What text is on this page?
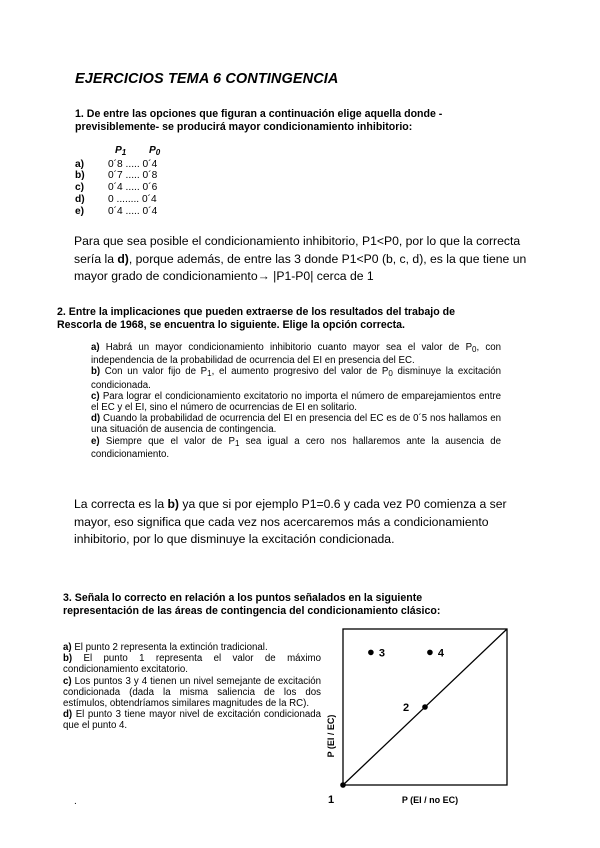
EJERCICIOS TEMA 6 CONTINGENCIA
1. De entre las opciones que figuran a continuación elige aquella donde -
previsiblemente- se producirá mayor condicionamiento inhibitorio:
	$P_1$ $P_0$
a)	0´8 ..... 0´4
b)	0´7 ..... 0´8
c)	0´4 ..... 0´6
d)	0 ........ 0´4
e)	0´4 ..... 0´4
Para que sea posible el condicionamiento inhibitorio, P1<P0, por lo que la correcta sería la d), porque además, de entre las 3 donde P1<P0 (b, c, d), es la que tiene un mayor grado de condicionamiento→ |P1-P0| cerca de 1
2. Entre la implicaciones que pueden extraerse de los resultados del trabajo de
Rescorla de 1968, se encuentra lo siguiente. Elige la opción correcta.

a) Habrá un mayor condicionamiento inhibitorio cuanto mayor sea el valor de $P_0$, con independencia de la probabilidad de ocurrencia del EI en presencia del EC.

b) Con un valor fijo de $P_1$, el aumento progresivo del valor de $P_0$ disminuye la excitación condicionada.

c) Para lograr el condicionamiento excitatorio no importa el número de emparejamientos entre el EC y el EI, sino el número de ocurrencias de EI en solitario.

d) Cuando la probabilidad de ocurrencia del EI en presencia del EC es de 0´5 nos hallamos en una situación de ausencia de contingencia.

e) Siempre que el valor de $P_1$ sea igual a cero nos hallaremos ante la ausencia de condicionamiento.

La correcta es la b) ya que si por ejemplo P1=0.6 y cada vez P0 comienza a ser mayor, eso significa que cada vez nos acercaremos más a condicionamiento inhibitorio, por lo que disminuye la excitación condicionada.
3. Señala lo correcto en relación a los puntos señalados en la siguiente
representación de las áreas de contingencia del condicionamiento clásico:

a) El punto 2 representa la extinción tradicional.

b) El punto 1 representa el valor de máximo condicionamiento excitatorio.

c) Los puntos 3 y 4 tienen un nivel semejante de excitación condicionada (dada la misma saliencia de los dos estímulos, obtendríamos similares magnitudes de la RC).

d) El punto 3 tiene mayor nivel de excitación condicionada que el punto 4.	P (EI / EC)
P (EI / no EC)
1
2
3	4
.
